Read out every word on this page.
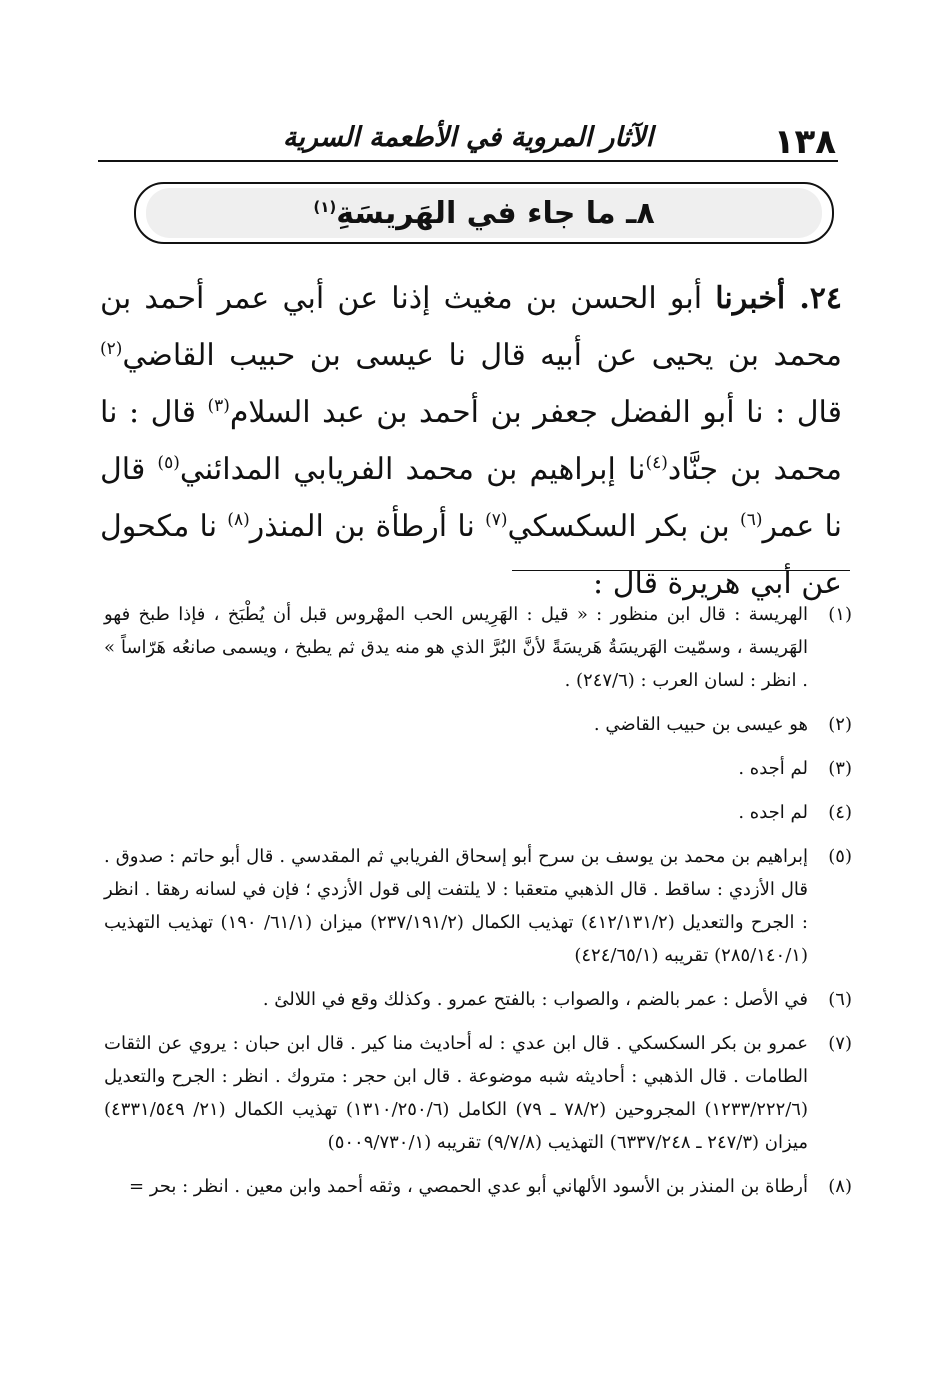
١٣٨
الآثار المروية في الأطعمة السرية
٨ـ ما جاء في الهَريسَةِ$^{(١)}$

٢٤. أخبرنا أبو الحسن بن مغيث إذنا عن أبي عمر أحمد بن محمد بن يحيى عن أبيه قال نا عيسى بن حبيب القاضي$^{(٢)}$ قال : نا أبو الفضل جعفر بن أحمد بن عبد السلام$^{(٣)}$ قال : نا محمد بن جنَّاد$^{(٤)}$نا إبراهيم بن محمد الفريابي المدائني$^{(٥)}$ قال نا عمر$^{(٦)}$ بن بكر السكسكي$^{(٧)}$ نا أرطأة بن المنذر$^{(٨)}$ نا مكحول عن أبي هريرة قال :

(١)
الهريسة : قال ابن منظور : « قيل : الهَرِيس الحب المهْروس قبل أن يُطْبَخ ، فإذا طبخ فهو الهَريسة ، وسمّيت الهَريسَةُ هَريسَةً لأنَّ البُرَّ الذي هو منه يدق ثم يطبخ ، ويسمى صانعُه هَرّاساً » . انظر : لسان العرب : (٢٤٧/٦) .
(٢)
هو عيسى بن حبيب القاضي .
(٣)
لم أجده .
(٤)
لم اجده .
(٥)
إبراهيم بن محمد بن يوسف بن سرح أبو إسحاق الفريابي ثم المقدسي . قال أبو حاتم : صدوق . قال الأزدي : ساقط . قال الذهبي متعقبا : لا يلتفت إلى قول الأزدي ؛ فإن في لسانه رهقا . انظر : الجرح والتعديل (٤١٢/١٣١/٢) تهذيب الكمال (٢٣٧/١٩١/٢) ميزان (٦١/١/ ١٩٠) تهذيب التهذيب (٢٨٥/١٤٠/١) تقريبه (٤٢٤/٦٥/١)
(٦)
في الأصل : عمر بالضم ، والصواب : بالفتح عمرو . وكذلك وقع في اللالئ .
(٧)
عمرو بن بكر السكسكي . قال ابن عدي : له أحاديث منا كير . قال ابن حبان : يروي عن الثقات الطامات . قال الذهبي : أحاديثه شبه موضوعة . قال ابن حجر : متروك . انظر : الجرح والتعديل (١٢٣٣/٢٢٢/٦) المجروحين (٧٨/٢ ـ ٧٩) الكامل (١٣١٠/٢٥٠/٦) تهذيب الكمال (٢١/ ٤٣٣١/٥٤٩) ميزان (٢٤٧/٣ ـ ٦٣٣٧/٢٤٨) التهذيب (٩/٧/٨) تقريبه (٥٠٠٩/٧٣٠/١)
(٨)
أرطاة بن المنذر بن الأسود الألهاني أبو عدي الحمصي ، وثقه أحمد وابن معين . انظر : بحر =
